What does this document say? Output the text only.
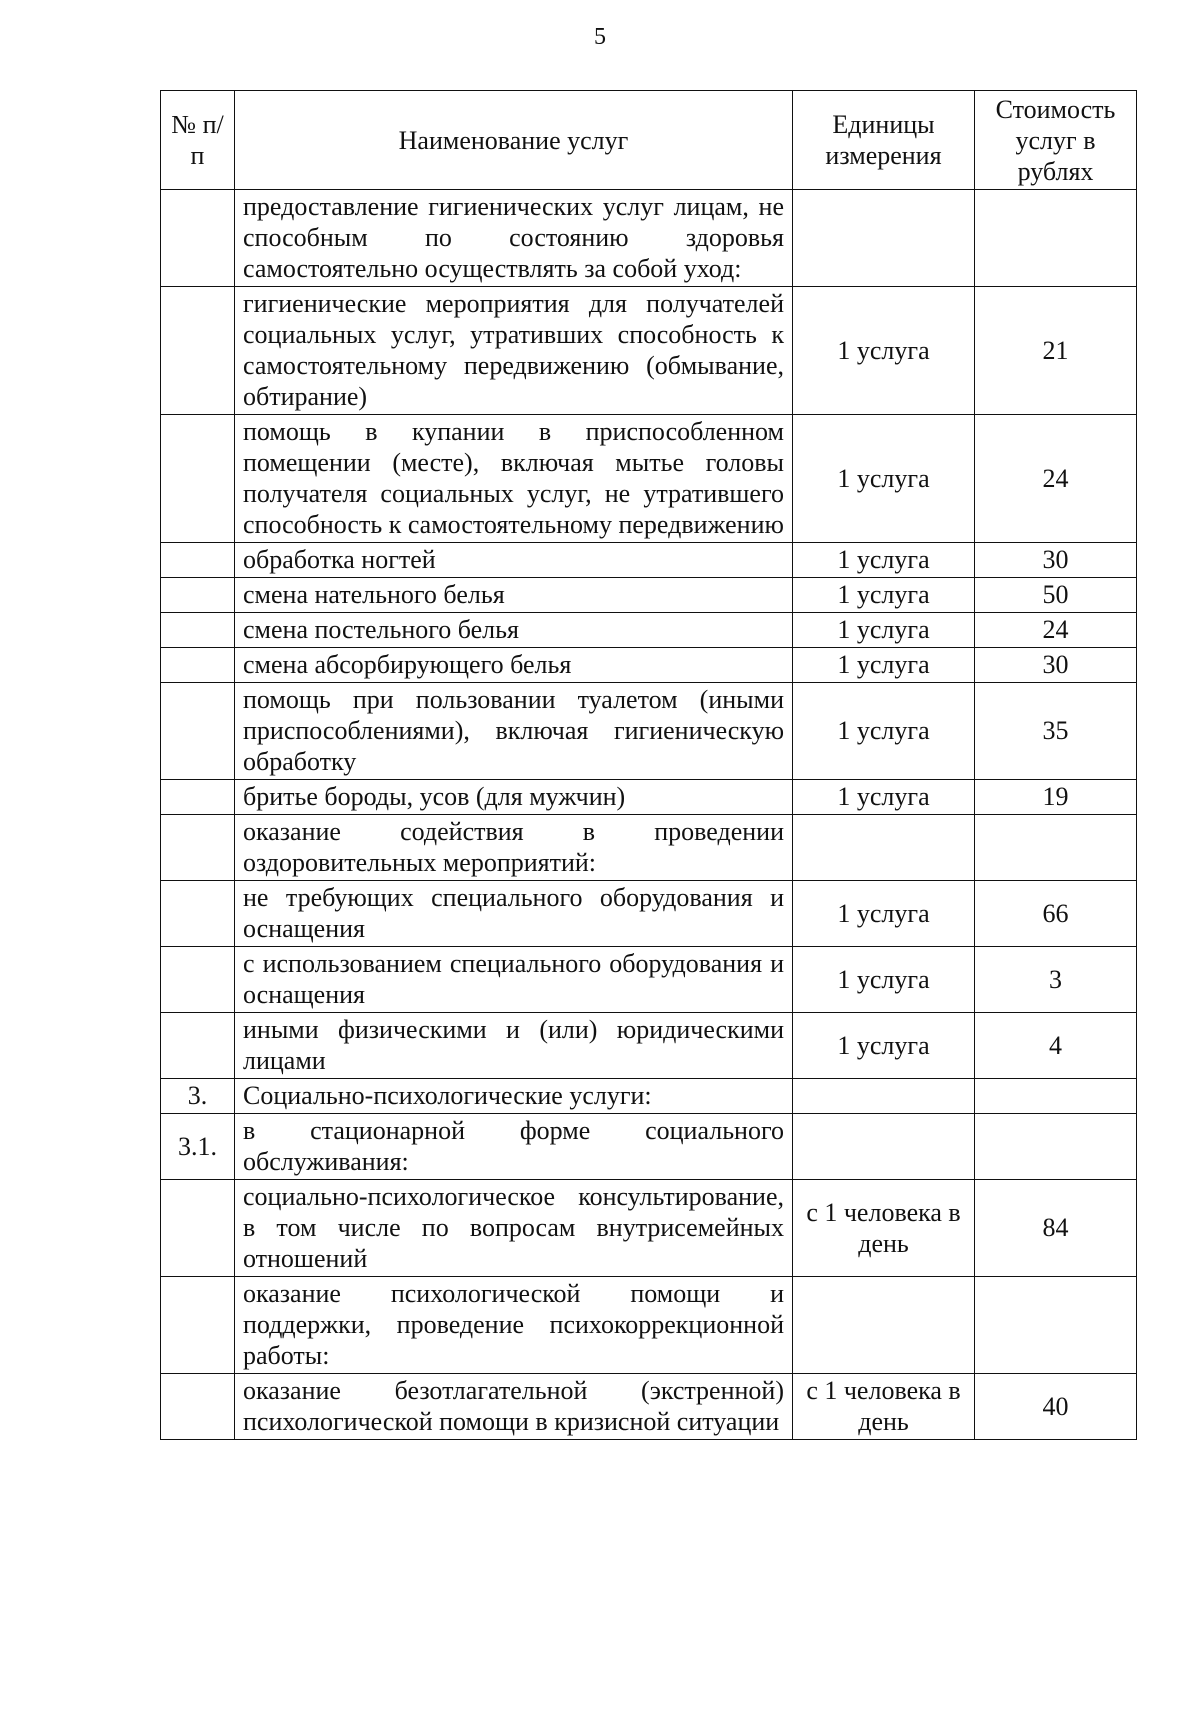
5
№ п/п	Наименование услуг	Единицы измерения	Стоимость услуг в рублях
	предоставление гигиенических услуг лицам, не способным по состоянию здоровья самостоятельно осуществлять за собой уход:		
	гигиенические мероприятия для получателей социальных услуг, утративших способность к самостоятельному передвижению (обмывание, обтирание)	1 услуга	21
	помощь в купании в приспособленном помещении (месте), включая мытье головы получателя социальных услуг, не утратившего способность к самостоятельному передвижению	1 услуга	24
	обработка ногтей	1 услуга	30
	смена нательного белья	1 услуга	50
	смена постельного белья	1 услуга	24
	смена абсорбирующего белья	1 услуга	30
	помощь при пользовании туалетом (иными приспособлениями), включая гигиеническую обработку	1 услуга	35
	бритье бороды, усов (для мужчин)	1 услуга	19
	оказание содействия в проведении оздоровительных мероприятий:		
	не требующих специального оборудования и оснащения	1 услуга	66
	с использованием специального оборудования и оснащения	1 услуга	3
	иными физическими и (или) юридическими лицами	1 услуга	4
3.	Социально-психологические услуги:		
3.1.	в стационарной форме социального обслуживания:		
	социально-психологическое консультирование, в том числе по вопросам внутрисемейных отношений	с 1 человека в день	84
	оказание психологической помощи и поддержки, проведение психокоррекционной работы:		
	оказание безотлагательной (экстренной) психологической помощи в кризисной ситуации	с 1 человека в день	40
